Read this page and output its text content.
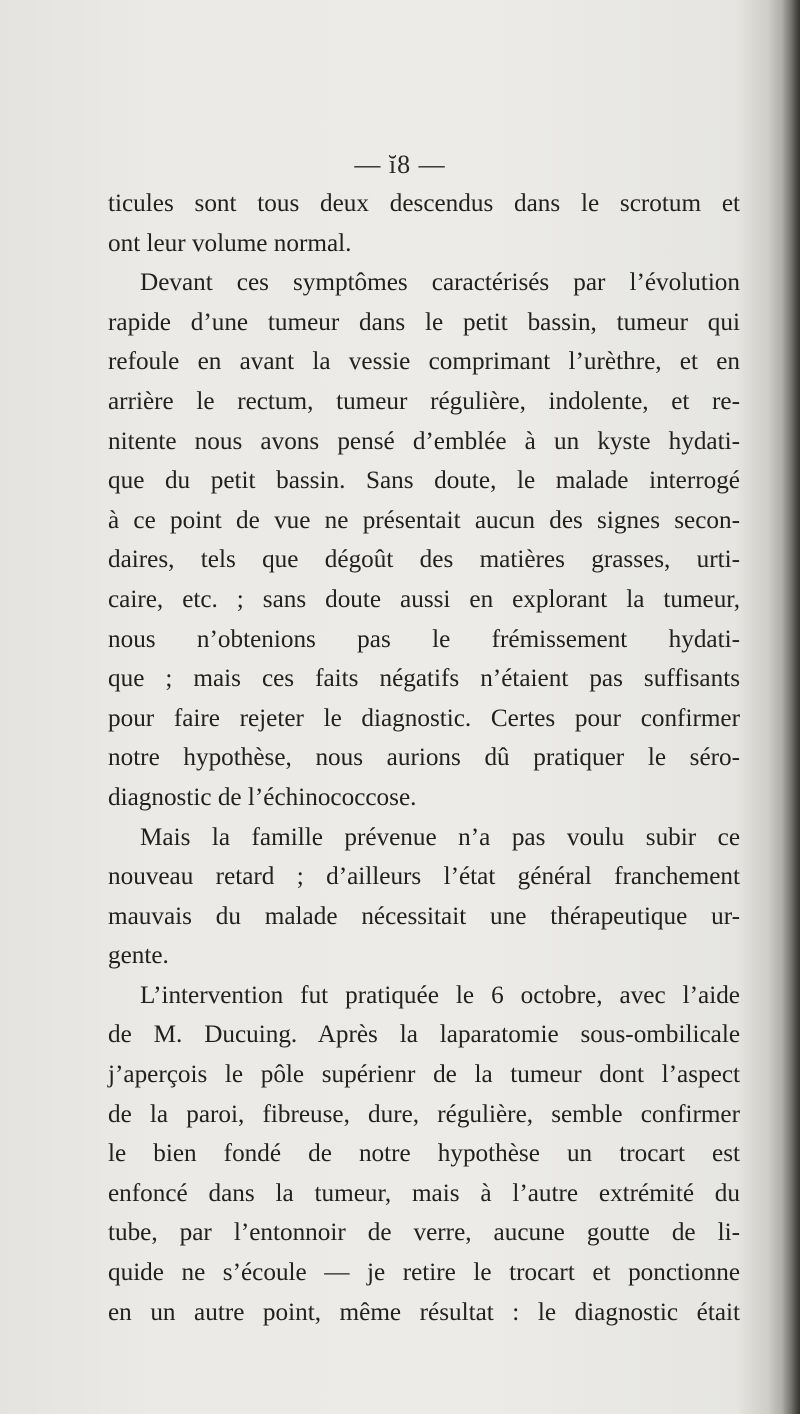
— ĭ8 —
ticules sont tous deux descendus dans le scrotum et
ont leur volume normal.
Devant ces symptômes caractérisés par l’évolution
rapide d’une tumeur dans le petit bassin, tumeur qui
refoule en avant la vessie comprimant l’urèthre, et en
arrière le rectum, tumeur régulière, indolente, et re-
nitente nous avons pensé d’emblée à un kyste hydati-
que du petit bassin. Sans doute, le malade interrogé
à ce point de vue ne présentait aucun des signes secon-
daires, tels que dégoût des matières grasses, urti-
caire, etc. ; sans doute aussi en explorant la tumeur,
nous n’obtenions pas le frémissement hydati-
que ; mais ces faits négatifs n’étaient pas suffisants
pour faire rejeter le diagnostic. Certes pour confirmer
notre hypothèse, nous aurions dû pratiquer le séro-
diagnostic de l’échinococcose.
Mais la famille prévenue n’a pas voulu subir ce
nouveau retard ; d’ailleurs l’état général franchement
mauvais du malade nécessitait une thérapeutique ur-
gente.
L’intervention fut pratiquée le 6 octobre, avec l’aide
de M. Ducuing. Après la laparatomie sous-ombilicale
j’aperçois le pôle supérienr de la tumeur dont l’aspect
de la paroi, fibreuse, dure, régulière, semble confirmer
le bien fondé de notre hypothèse un trocart est
enfoncé dans la tumeur, mais à l’autre extrémité du
tube, par l’entonnoir de verre, aucune goutte de li-
quide ne s’écoule — je retire le trocart et ponctionne
en un autre point, même résultat : le diagnostic était
